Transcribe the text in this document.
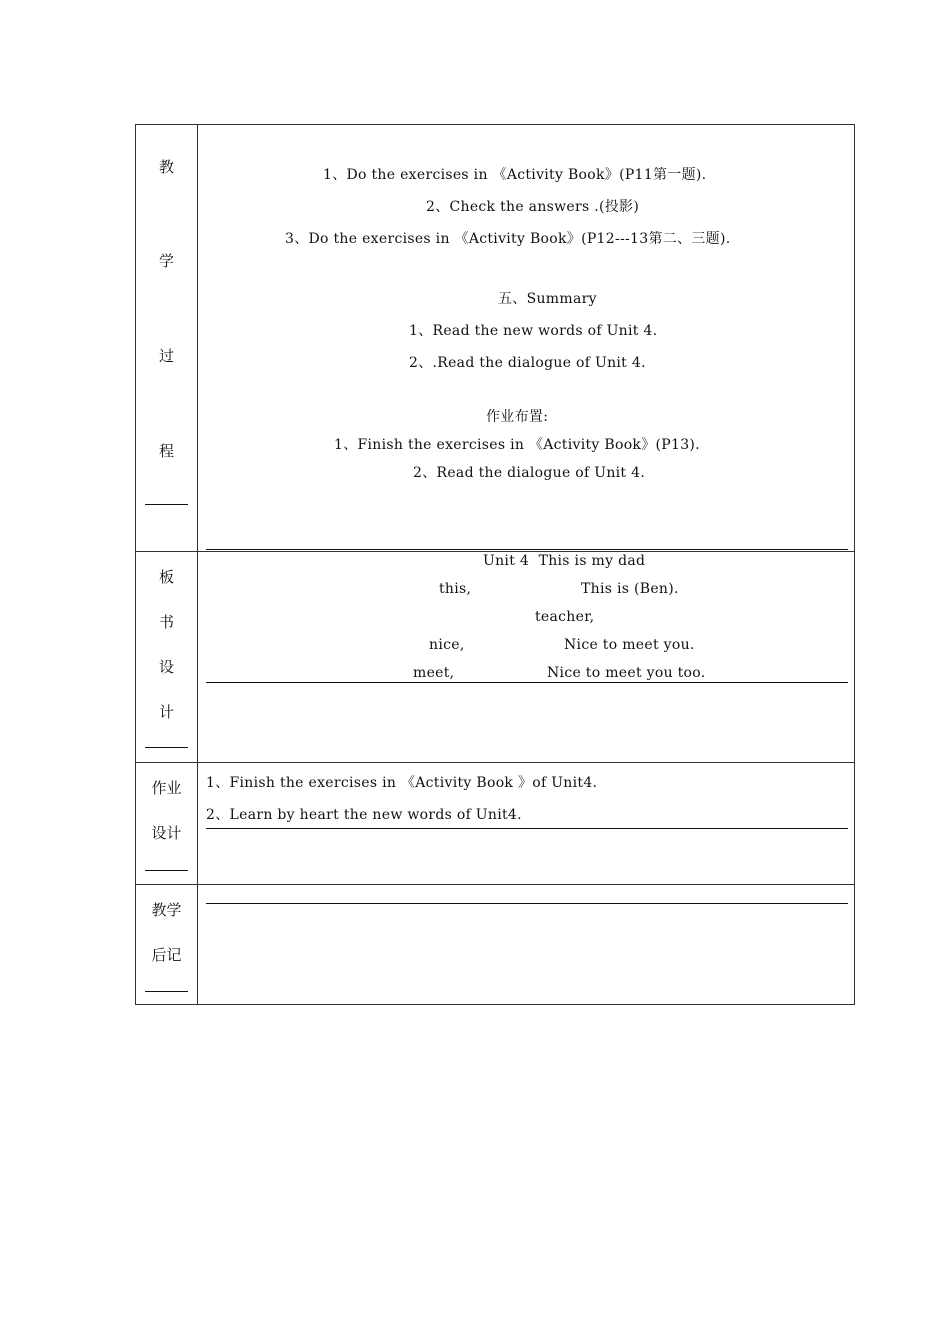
教
学
过
程
1、Do the exercises in 《Activity Book》(P11第一题).
2、Check the answers .(投影)
3、Do the exercises in 《Activity Book》(P12---13第二、三题).
五、Summary
1、Read the new words of Unit 4.
2、.Read the dialogue of Unit 4.
作业布置:
1、Finish the exercises in 《Activity Book》(P13).
2、Read the dialogue of Unit 4.
板
书
设
计
Unit 4  This is my dad
this,	This is (Ben).
teacher,
nice,	Nice to meet you.
meet,	Nice to meet you too.
作业
设计
1、Finish the exercises in 《Activity Book 》of Unit4.
2、Learn by heart the new words of Unit4.
教学
后记
